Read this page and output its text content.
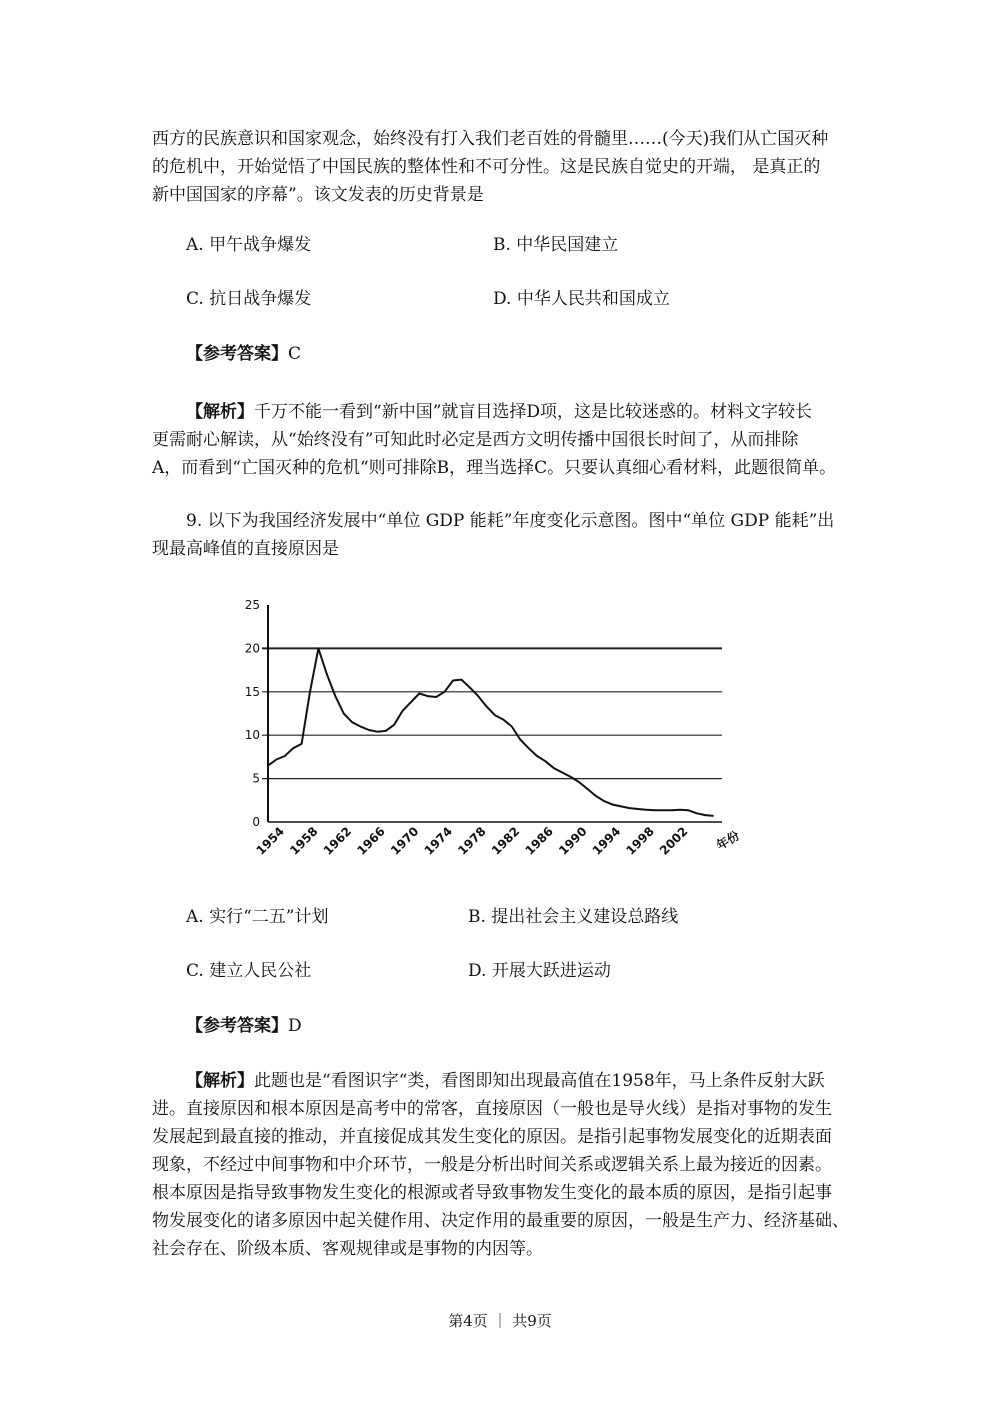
西方的民族意识和国家观念，始终没有打入我们老百姓的骨髓里……(今天)我们从亡国灭种
的危机中，开始觉悟了中国民族的整体性和不可分性。这是民族自觉史的开端， 是真正的
新中国国家的序幕”。该文发表的历史背景是

A. 甲午战争爆发	B. 中华民国建立
C. 抗日战争爆发	D. 中华人民共和国成立
【参考答案】C

【解析】千万不能一看到“新中国”就盲目选择D项，这是比较迷惑的。材料文字较长
更需耐心解读，从“始终没有”可知此时必定是西方文明传播中国很长时间了，从而排除
A，而看到“亡国灭种的危机“则可排除B，理当选择C。只要认真细心看材料，此题很简单。

9. 以下为我国经济发展中“单位 GDP 能耗”年度变化示意图。图中“单位 GDP 能耗”出
现最高峰值的直接原因是

0
5
10
15
20
25
1954 1958 1962 1966 1970 1974 1978 1982 1986 1990 1994 1998 2002 年份
A. 实行“二五”计划	B. 提出社会主义建设总路线
C. 建立人民公社	D. 开展大跃进运动
【参考答案】D

【解析】此题也是“看图识字“类，看图即知出现最高值在1958年，马上条件反射大跃
进。直接原因和根本原因是高考中的常客，直接原因（一般也是导火线）是指对事物的发生
发展起到最直接的推动，并直接促成其发生变化的原因。是指引起事物发展变化的近期表面
现象，不经过中间事物和中介环节，一般是分析出时间关系或逻辑关系上最为接近的因素。
根本原因是指导致事物发生变化的根源或者导致事物发生变化的最本质的原因，是指引起事
物发展变化的诸多原因中起关健作用、决定作用的最重要的原因，一般是生产力、经济基础、
社会存在、阶级本质、客观规律或是事物的内因等。

第4页 ｜ 共9页
